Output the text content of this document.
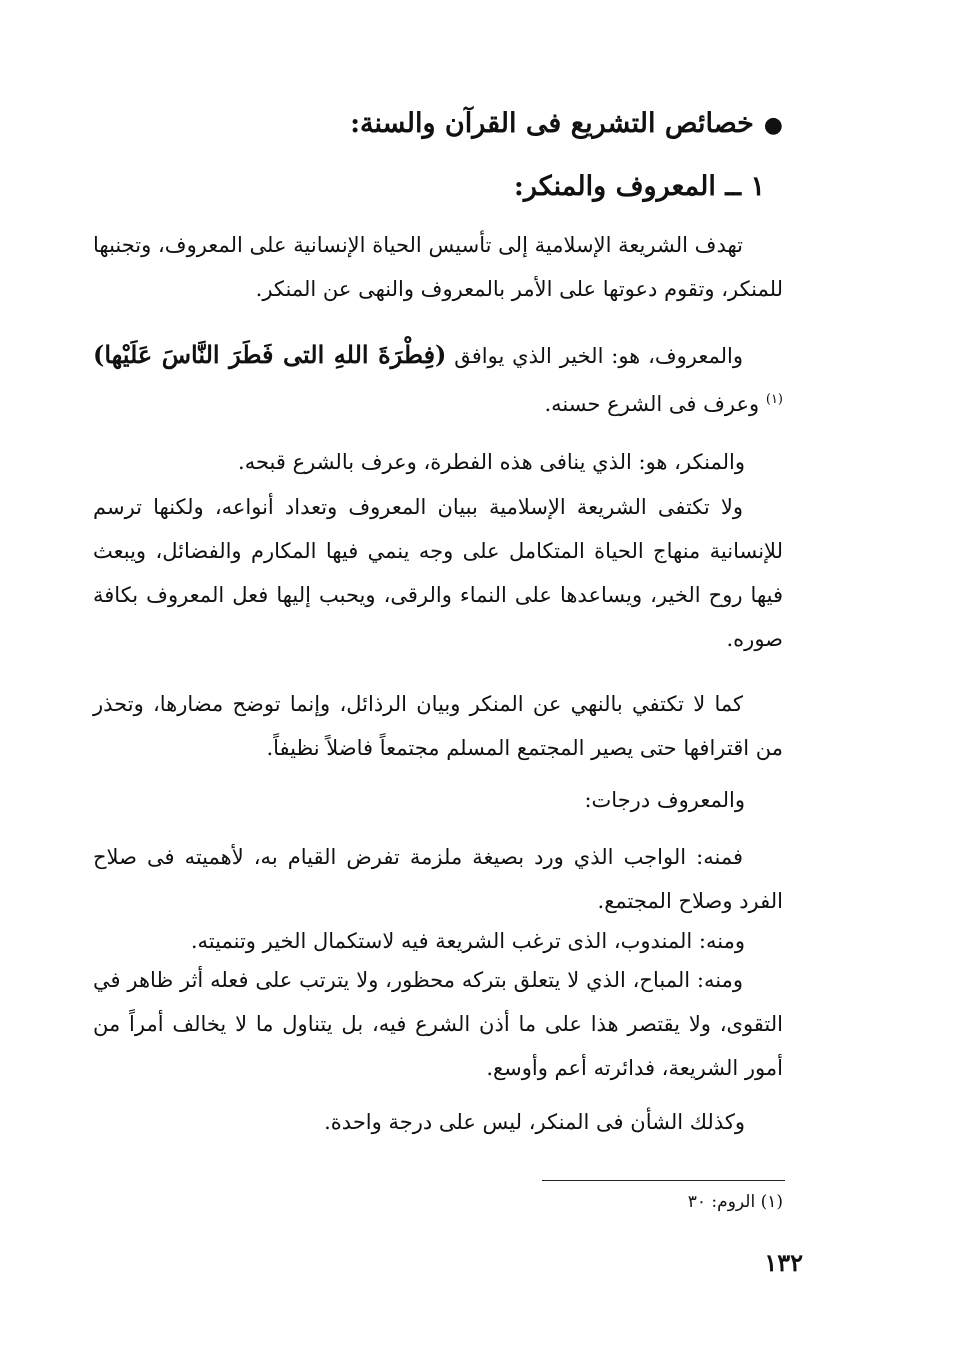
●خصائص التشريع فى القرآن والسنة:
١ ــ المعروف والمنكر:
تهدف الشريعة الإسلامية إلى تأسيس الحياة الإنسانية على المعروف، وتجنبها للمنكر، وتقوم دعوتها على الأمر بالمعروف والنهى عن المنكر.
والمعروف، هو: الخير الذي يوافق (فِطْرَةَ اللهِ التى فَطَرَ النَّاسَ عَلَيْها) $^{(١)}$ وعرف فى الشرع حسنه.
والمنكر، هو: الذي ينافى هذه الفطرة، وعرف بالشرع قبحه.
ولا تكتفى الشريعة الإسلامية ببيان المعروف وتعداد أنواعه، ولكنها ترسم للإنسانية منهاج الحياة المتكامل على وجه ينمي فيها المكارم والفضائل، ويبعث فيها روح الخير، ويساعدها على النماء والرقى، ويحبب إليها فعل المعروف بكافة صوره.
كما لا تكتفي بالنهي عن المنكر وبيان الرذائل، وإنما توضح مضارها، وتحذر من اقترافها حتى يصير المجتمع المسلم مجتمعاً فاضلاً نظيفاً.
والمعروف درجات:
فمنه: الواجب الذي ورد بصيغة ملزمة تفرض القيام به، لأهميته فى صلاح الفرد وصلاح المجتمع.
ومنه: المندوب، الذى ترغب الشريعة فيه لاستكمال الخير وتنميته.
ومنه: المباح، الذي لا يتعلق بتركه محظور، ولا يترتب على فعله أثر ظاهر في التقوى، ولا يقتصر هذا على ما أذن الشرع فيه، بل يتناول ما لا يخالف أمراً من أمور الشريعة، فدائرته أعم وأوسع.
وكذلك الشأن فى المنكر، ليس على درجة واحدة.
(١) الروم: ٣٠
١٣٢
